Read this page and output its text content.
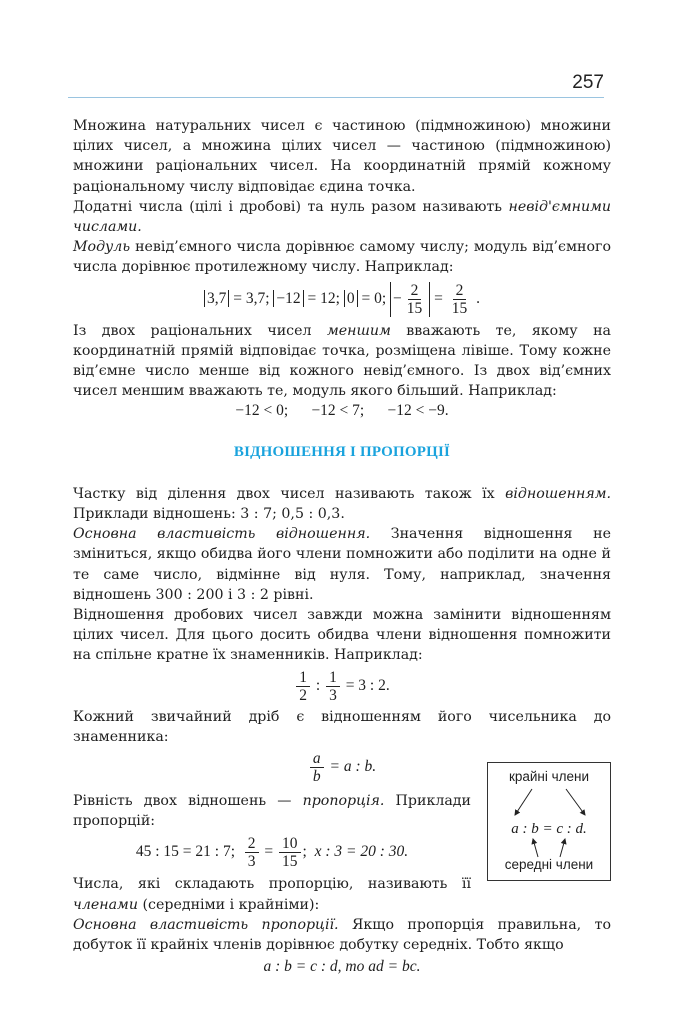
257

Множина натуральних чисел є частиною (підмножиною) множини цілих чисел, а множина цілих чисел — частиною (підмножиною) множини раціональних чисел. На координатній прямій кожному раціональному числу відповідає єдина точка.

Додатні числа (цілі і дробові) та нуль разом називають невід'ємними числами.

Модуль невід’ємного числа дорівнює самому числу; модуль від’ємного числа дорівнює протилежному числу. Наприклад:

3,7 = 3,7; −12 = 12; 0 = 0; − $\frac{2}{15} = \frac{2}{15}$ .

Із двох раціональних чисел меншим вважають те, якому на координатній прямій відповідає точка, розміщена лівіше. Тому кожне від’ємне число менше від кожного невід’ємного. Із двох від’ємних чисел меншим вважають те, модуль якого більший. Наприклад:

−12 < 0;      −12 < 7;      −12 < −9.
ВІДНОШЕННЯ І ПРОПОРЦІЇ

Частку від ділення двох чисел називають також їх відношенням. Приклади відношень: 3 : 7; 0,5 : 0,3.

Основна властивість відношення. Значення відношення не зміниться, якщо обидва його члени помножити або поділити на одне й те саме число, відмінне від нуля. Тому, наприклад, значення відношень 300 : 200 і 3 : 2 рівні.

Відношення дробових чисел завжди можна замінити відношенням цілих чисел. Для цього досить обидва члени відношення помножити на спільне кратне їх знаменників. Наприклад:

$\frac{1}{2}$ : $\frac{1}{3} = 3$ : 2.

Кожний звичайний дріб є відношенням його чисельника до знаменника:

$\frac{a}{b} = a$ : b.

Рівність двох відношень — пропорція. Приклади пропорцій:

45 : 15 = 21 : 7; $\frac{2}{3} = \frac{10}{15}$ ;  x : 3 = 20 : 30.

Числа, які складають пропорцію, називають її членами (середніми і крайніми):

Основна властивість пропорції. Якщо пропорція правильна, то добуток її крайніх членів дорівнює добутку середніх. Тобто якщо

a : b = c : d, то ad = bc.
крайні члени
a : b = c : d.
середні члени
